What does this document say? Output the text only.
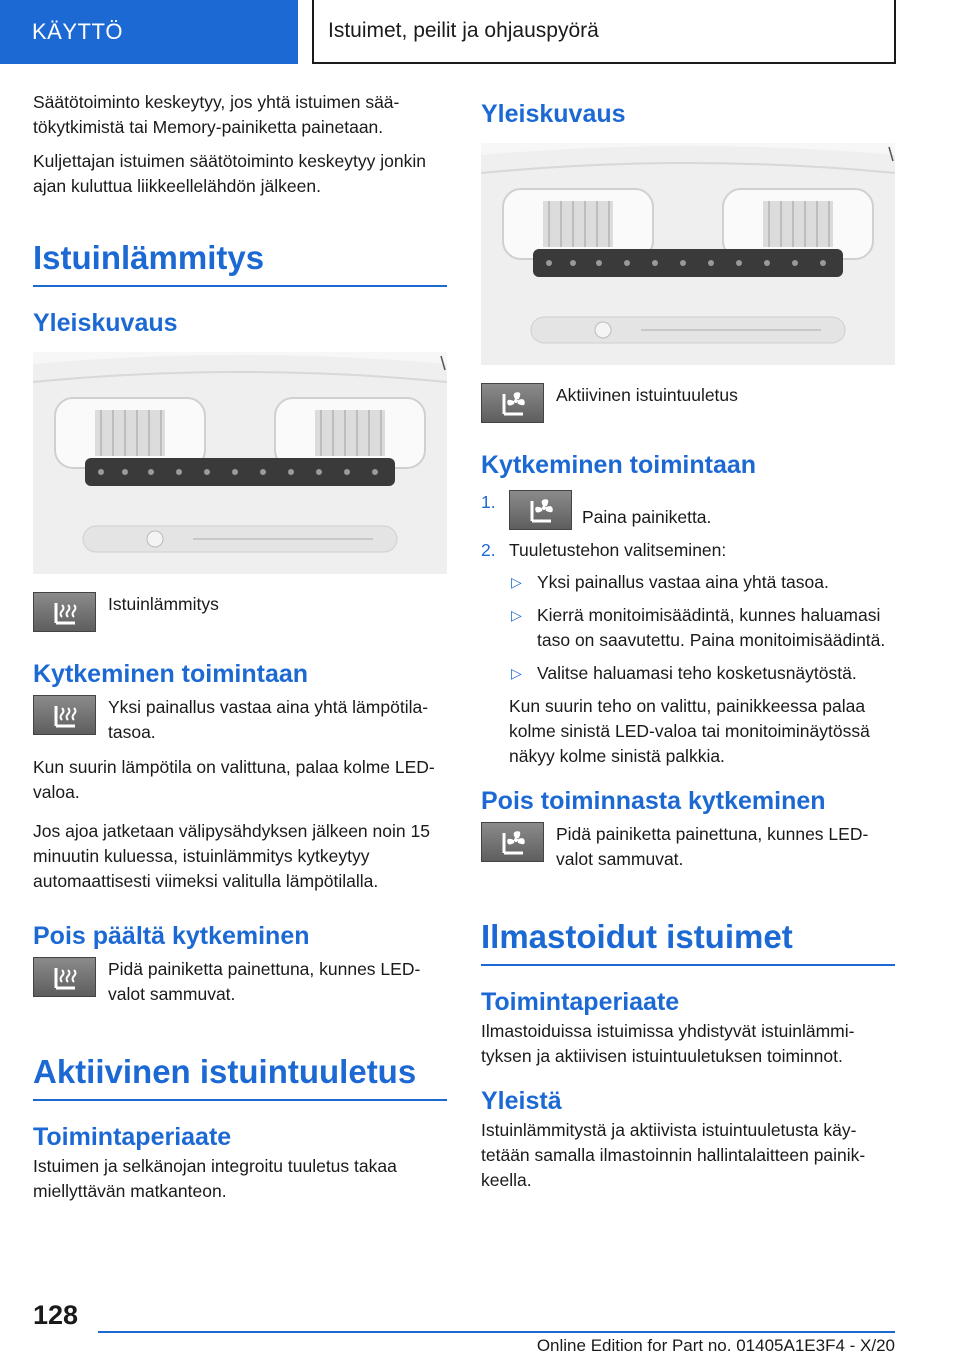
KÄYTTÖ	Istuimet, peilit ja ohjauspyörä

Säätötoiminto keskeytyy, jos yhtä istuimen säätökytkimistä tai Memory-painiketta painetaan.

Kuljettajan istuimen säätötoiminto keskeytyy jonkin ajan kuluttua liikkeellelähdön jälkeen.

Istuinlämmitys
Yleiskuvaus
Istuinlämmitys
Kytkeminen toimintaan
Yksi painallus vastaa aina yhtä lämpötilatasoa.

Kun suurin lämpötila on valittuna, palaa kolme LED-valoa.

Jos ajoa jatketaan välipysähdyksen jälkeen noin 15 minuutin kuluessa, istuinlämmitys kytkeytyy automaattisesti viimeksi valitulla lämpötilalla.

Pois päältä kytkeminen
Pidä painiketta painettuna, kunnes LED-valot sammuvat.
Aktiivinen istuintuuletus
Toimintaperiaate

Istuimen ja selkänojan integroitu tuuletus takaa miellyttävän matkanteon.

Yleiskuvaus
Aktiivinen istuintuuletus
Kytkeminen toimintaan
1.
Paina painiketta.
2. Tuuletustehon valitseminen:
▷ Yksi painallus vastaa aina yhtä tasoa.
▷ Kierrä monitoimisäädintä, kunnes haluamasi taso on saavutettu. Paina monitoimisäädintä.
▷ Valitse haluamasi teho kosketusnäytöstä.
Kun suurin teho on valittu, painikkeessa palaa kolme sinistä LED-valoa tai monitoiminäytössä näkyy kolme sinistä palkkia.
Pois toiminnasta kytkeminen
Pidä painiketta painettuna, kunnes LED-valot sammuvat.
Ilmastoidut istuimet
Toimintaperiaate

Ilmastoiduissa istuimissa yhdistyvät istuinlämmityksen ja aktiivisen istuintuuletuksen toiminnot.

Yleistä

Istuinlämmitystä ja aktiivista istuintuuletusta käytetään samalla ilmastoinnin hallintalaitteen painikkeella.

128
Online Edition for Part no. 01405A1E3F4 - X/20
